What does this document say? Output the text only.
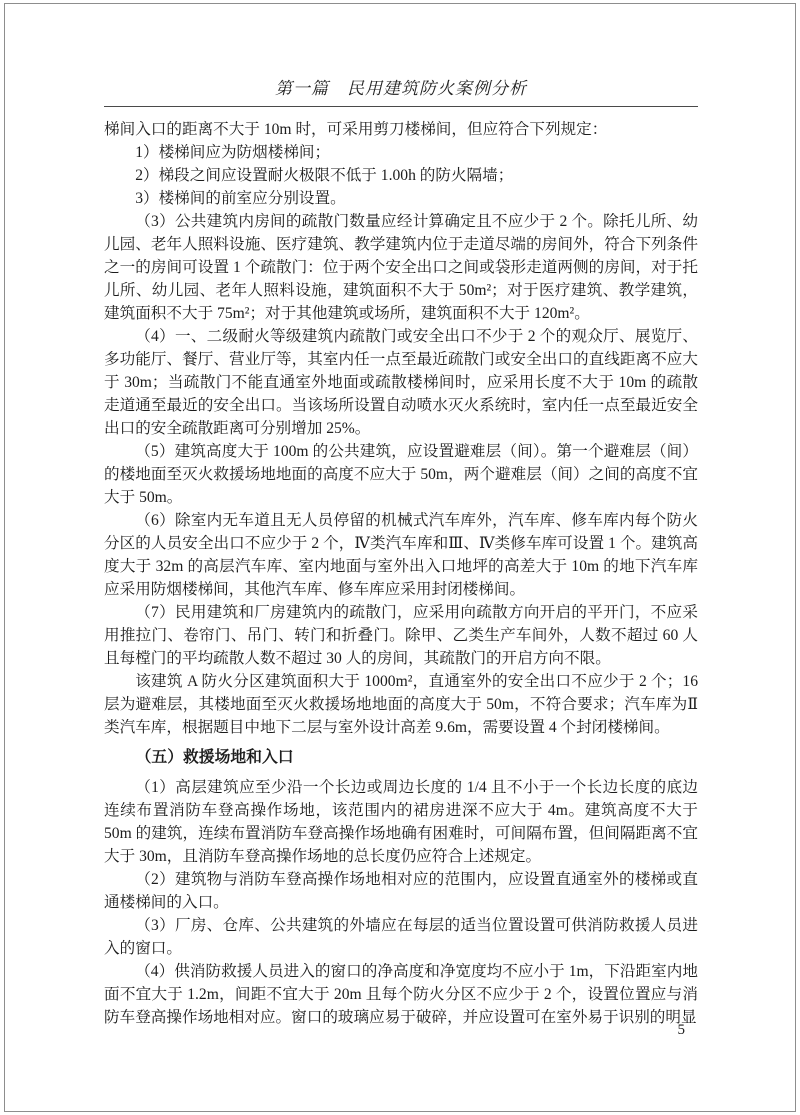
第一篇　民用建筑防火案例分析

梯间入口的距离不大于 10m 时，可采用剪刀楼梯间，但应符合下列规定：

1）楼梯间应为防烟楼梯间；

2）梯段之间应设置耐火极限不低于 1.00h 的防火隔墙；

3）楼梯间的前室应分别设置。

（3）公共建筑内房间的疏散门数量应经计算确定且不应少于 2 个。除托儿所、幼儿园、老年人照料设施、医疗建筑、教学建筑内位于走道尽端的房间外，符合下列条件之一的房间可设置 1 个疏散门：位于两个安全出口之间或袋形走道两侧的房间，对于托儿所、幼儿园、老年人照料设施，建筑面积不大于 50m²；对于医疗建筑、教学建筑，建筑面积不大于 75m²；对于其他建筑或场所，建筑面积不大于 120m²。

（4）一、二级耐火等级建筑内疏散门或安全出口不少于 2 个的观众厅、展览厅、多功能厅、餐厅、营业厅等，其室内任一点至最近疏散门或安全出口的直线距离不应大于 30m；当疏散门不能直通室外地面或疏散楼梯间时，应采用长度不大于 10m 的疏散走道通至最近的安全出口。当该场所设置自动喷水灭火系统时，室内任一点至最近安全出口的安全疏散距离可分别增加 25%。

（5）建筑高度大于 100m 的公共建筑，应设置避难层（间）。第一个避难层（间）的楼地面至灭火救援场地地面的高度不应大于 50m，两个避难层（间）之间的高度不宜大于 50m。

（6）除室内无车道且无人员停留的机械式汽车库外，汽车库、修车库内每个防火分区的人员安全出口不应少于 2 个，Ⅳ类汽车库和Ⅲ、Ⅳ类修车库可设置 1 个。建筑高度大于 32m 的高层汽车库、室内地面与室外出入口地坪的高差大于 10m 的地下汽车库应采用防烟楼梯间，其他汽车库、修车库应采用封闭楼梯间。

（7）民用建筑和厂房建筑内的疏散门，应采用向疏散方向开启的平开门，不应采用推拉门、卷帘门、吊门、转门和折叠门。除甲、乙类生产车间外，人数不超过 60 人且每樘门的平均疏散人数不超过 30 人的房间，其疏散门的开启方向不限。

该建筑 A 防火分区建筑面积大于 1000m²，直通室外的安全出口不应少于 2 个；16 层为避难层，其楼地面至灭火救援场地地面的高度大于 50m，不符合要求；汽车库为Ⅱ类汽车库，根据题目中地下二层与室外设计高差 9.6m，需要设置 4 个封闭楼梯间。

（五）救援场地和入口

（1）高层建筑应至少沿一个长边或周边长度的 1/4 且不小于一个长边长度的底边连续布置消防车登高操作场地，该范围内的裙房进深不应大于 4m。建筑高度不大于 50m 的建筑，连续布置消防车登高操作场地确有困难时，可间隔布置，但间隔距离不宜大于 30m，且消防车登高操作场地的总长度仍应符合上述规定。

（2）建筑物与消防车登高操作场地相对应的范围内，应设置直通室外的楼梯或直通楼梯间的入口。

（3）厂房、仓库、公共建筑的外墙应在每层的适当位置设置可供消防救援人员进入的窗口。

（4）供消防救援人员进入的窗口的净高度和净宽度均不应小于 1m，下沿距室内地面不宜大于 1.2m，间距不宜大于 20m 且每个防火分区不应少于 2 个，设置位置应与消防车登高操作场地相对应。窗口的玻璃应易于破碎，并应设置可在室外易于识别的明显

5
